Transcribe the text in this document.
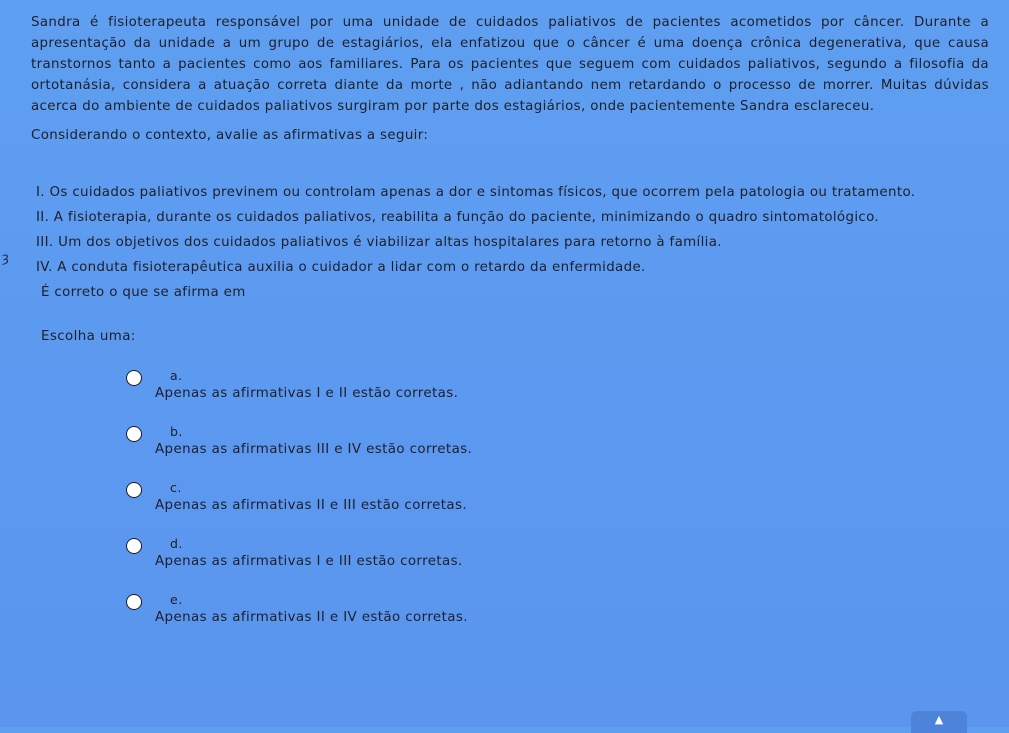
Sandra é fisioterapeuta responsável por uma unidade de cuidados paliativos de pacientes acometidos por câncer. Durante a apresentação da unidade a um grupo de estagiários, ela enfatizou que o câncer é uma doença crônica degenerativa, que causa transtornos tanto a pacientes como aos familiares. Para os pacientes que seguem com cuidados paliativos, segundo a filosofia da ortotanásia, considera a atuação correta diante da morte , não adiantando nem retardando o processo de morrer. Muitas dúvidas acerca do ambiente de cuidados paliativos surgiram por parte dos estagiários, onde pacientemente Sandra esclareceu.

Considerando o contexto, avalie as afirmativas a seguir:

I. Os cuidados paliativos previnem ou controlam apenas a dor e sintomas físicos, que ocorrem pela patologia ou tratamento.

II. A fisioterapia, durante os cuidados paliativos, reabilita a função do paciente, minimizando o quadro sintomatológico.

III. Um dos objetivos dos cuidados paliativos é viabilizar altas hospitalares para retorno à família.

IV. A conduta fisioterapêutica auxilia o cuidador a lidar com o retardo da enfermidade.

É correto o que se afirma em

Escolha uma:
a.
Apenas as afirmativas I e II estão corretas.
b.
Apenas as afirmativas III e IV estão corretas.
c.
Apenas as afirmativas II e III estão corretas.
d.
Apenas as afirmativas I e III estão corretas.
e.
Apenas as afirmativas II e IV estão corretas.
ȝ
▲
